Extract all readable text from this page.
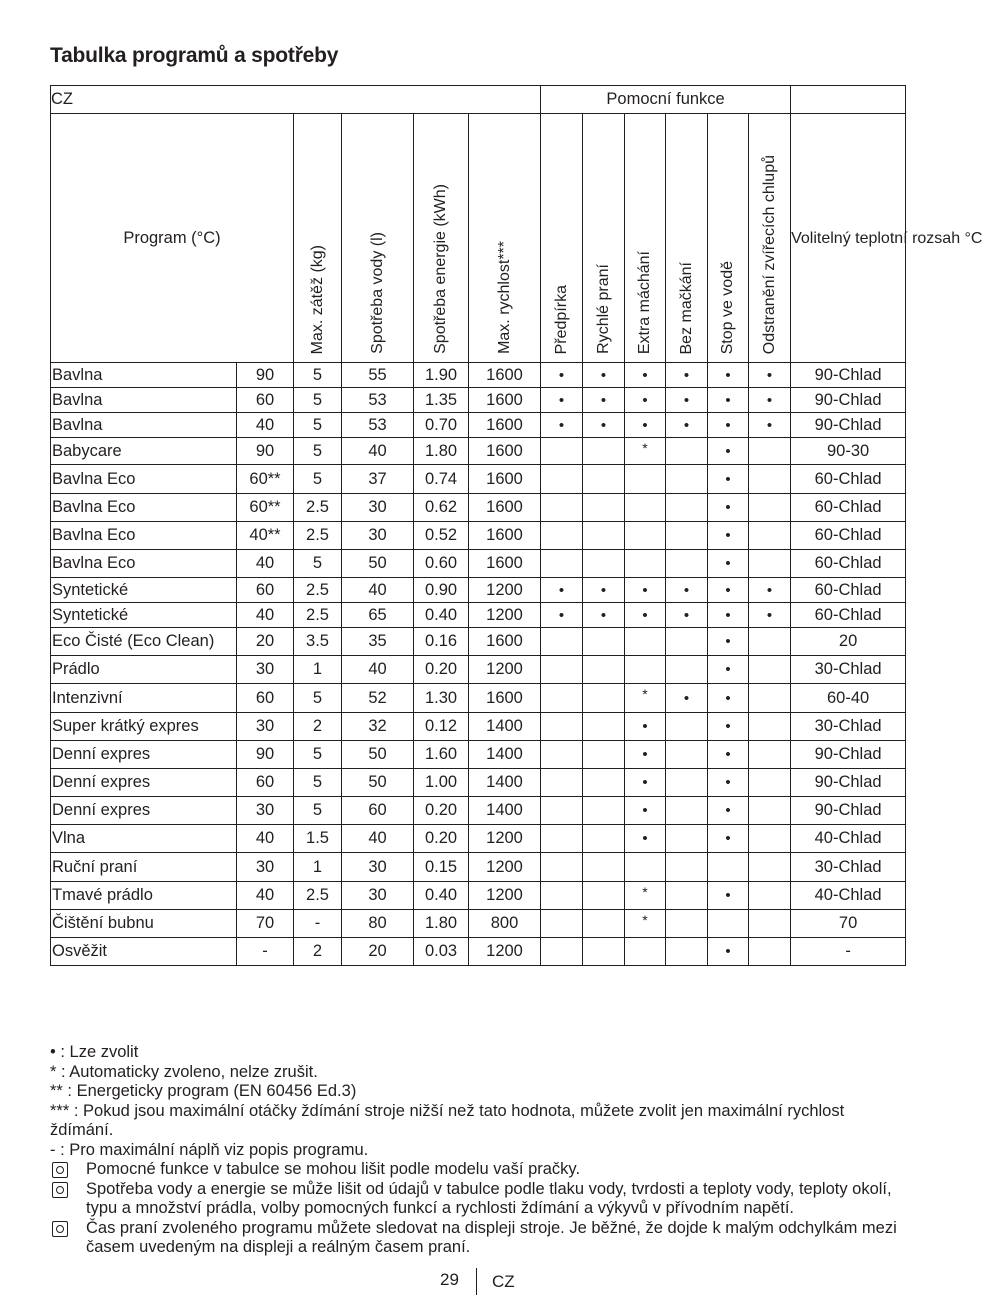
Tabulka programů a spotřeby
CZ						Pomocní funkce						
Program (°C)		Max. zátěž (kg)	Spotřeba vody (l)	Spotřeba energie (kWh)	Max. rychlost***	Předpírka	Rychlé praní	Extra máchání	Bez mačkání	Stop ve vodě	Odstranění zvířecích chlupů	Volitelný teplotní rozsah °C
Bavlna	90	5	55	1.90	1600	•	•	•	•	•	•	90-Chlad
Bavlna	60	5	53	1.35	1600	•	•	•	•	•	•	90-Chlad
Bavlna	40	5	53	0.70	1600	•	•	•	•	•	•	90-Chlad
Babycare	90	5	40	1.80	1600			*		•		90-30
Bavlna Eco	60**	5	37	0.74	1600					•		60-Chlad
Bavlna Eco	60**	2.5	30	0.62	1600					•		60-Chlad
Bavlna Eco	40**	2.5	30	0.52	1600					•		60-Chlad
Bavlna Eco	40	5	50	0.60	1600					•		60-Chlad
Syntetické	60	2.5	40	0.90	1200	•	•	•	•	•	•	60-Chlad
Syntetické	40	2.5	65	0.40	1200	•	•	•	•	•	•	60-Chlad
Eco Čisté (Eco Clean)	20	3.5	35	0.16	1600					•		20
Prádlo	30	1	40	0.20	1200					•		30-Chlad
Intenzivní	60	5	52	1.30	1600			*	•	•		60-40
Super krátký expres	30	2	32	0.12	1400			•		•		30-Chlad
Denní expres	90	5	50	1.60	1400			•		•		90-Chlad
Denní expres	60	5	50	1.00	1400			•		•		90-Chlad
Denní expres	30	5	60	0.20	1400			•		•		90-Chlad
Vlna	40	1.5	40	0.20	1200			•		•		40-Chlad
Ruční praní	30	1	30	0.15	1200							30-Chlad
Tmavé prádlo	40	2.5	30	0.40	1200			*		•		40-Chlad
Čištění bubnu	70	-	80	1.80	800			*				70
Osvěžit	-	2	20	0.03	1200					•		-

• : Lze zvolit

* : Automaticky zvoleno, nelze zrušit.

** : Energeticky program (EN 60456 Ed.3)

*** : Pokud jsou maximální otáčky ždímání stroje nižší než tato hodnota, můžete zvolit jen maximální rychlost ždímání.

- : Pro maximální náplň viz popis programu.

Pomocné funkce v tabulce se mohou lišit podle modelu vaší pračky.
Spotřeba vody a energie se může lišit od údajů v tabulce podle tlaku vody, tvrdosti a teploty vody, teploty okolí, typu a množství prádla, volby pomocných funkcí a rychlosti ždímání a výkyvů v přívodním napětí.
Čas praní zvoleného programu můžete sledovat na displeji stroje. Je běžné, že dojde k malým odchylkám mezi časem uvedeným na displeji a reálným časem praní.
29 CZ
